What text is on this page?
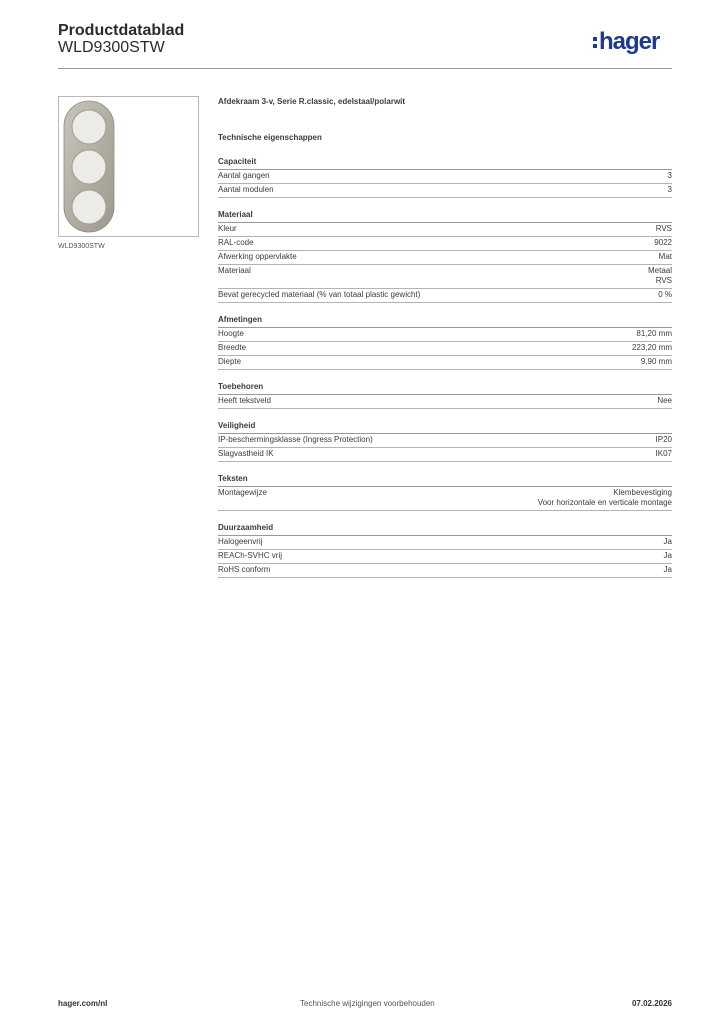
Productdatablad
WLD9300STW	hager
WLD9300STW
Afdekraam 3-v, Serie R.classic, edelstaal/polarwit
Technische eigenschappen
Capaciteit
Aantal gangen	3
Aantal modulen	3
Materiaal
Kleur	RVS
RAL-code	9022
Afwerking oppervlakte	Mat
Materiaal	Metaal
RVS
Bevat gerecycled materiaal (% van totaal plastic gewicht)	0 %
Afmetingen
Hoogte	81,20 mm
Breedte	223,20 mm
Diepte	9,90 mm
Toebehoren
Heeft tekstveld	Nee
Veiligheid
IP-beschermingsklasse (Ingress Protection)	IP20
Slagvastheid IK	IK07
Teksten
Montagewijze	Klembevestiging
Voor horizontale en verticale montage
Duurzaamheid
Halogeenvrij	Ja
REACh-SVHC vrij	Ja
RoHS conform	Ja
hager.com/nl	Technische wijzigingen voorbehouden	07.02.2026
